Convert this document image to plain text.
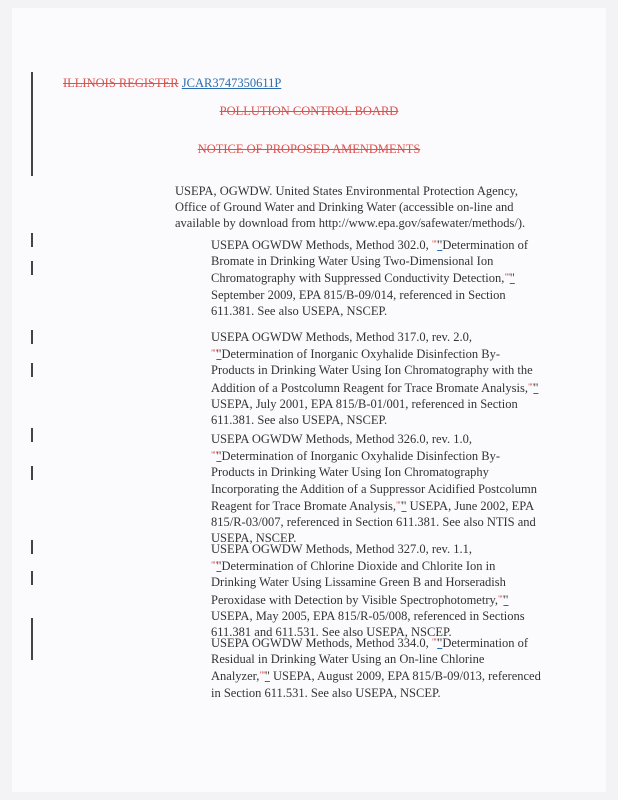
ILLINOIS REGISTER JCAR3747350611P
POLLUTION CONTROL BOARD
NOTICE OF PROPOSED AMENDMENTS
USEPA, OGWDW. United States Environmental Protection Agency, Office of Ground Water and Drinking Water (accessible on-line and available by download from http://www.epa.gov/safewater/methods/).
USEPA OGWDW Methods, Method 302.0, """Determination of Bromate in Drinking Water Using Two-Dimensional Ion Chromatography with Suppressed Conductivity Detection,""" September 2009, EPA 815/B-09/014, referenced in Section 611.381. See also USEPA, NSCEP.
USEPA OGWDW Methods, Method 317.0, rev. 2.0, """Determination of Inorganic Oxyhalide Disinfection By-Products in Drinking Water Using Ion Chromatography with the Addition of a Postcolumn Reagent for Trace Bromate Analysis,""" USEPA, July 2001, EPA 815/B-01/001, referenced in Section 611.381. See also USEPA, NSCEP.
USEPA OGWDW Methods, Method 326.0, rev. 1.0, """Determination of Inorganic Oxyhalide Disinfection By-Products in Drinking Water Using Ion Chromatography Incorporating the Addition of a Suppressor Acidified Postcolumn Reagent for Trace Bromate Analysis,""" USEPA, June 2002, EPA 815/R-03/007, referenced in Section 611.381. See also NTIS and USEPA, NSCEP.
USEPA OGWDW Methods, Method 327.0, rev. 1.1, """Determination of Chlorine Dioxide and Chlorite Ion in Drinking Water Using Lissamine Green B and Horseradish Peroxidase with Detection by Visible Spectrophotometry,""" USEPA, May 2005, EPA 815/R-05/008, referenced in Sections 611.381 and 611.531. See also USEPA, NSCEP.
USEPA OGWDW Methods, Method 334.0, """Determination of Residual in Drinking Water Using an On-line Chlorine Analyzer,""" USEPA, August 2009, EPA 815/B-09/013, referenced in Section 611.531. See also USEPA, NSCEP.
